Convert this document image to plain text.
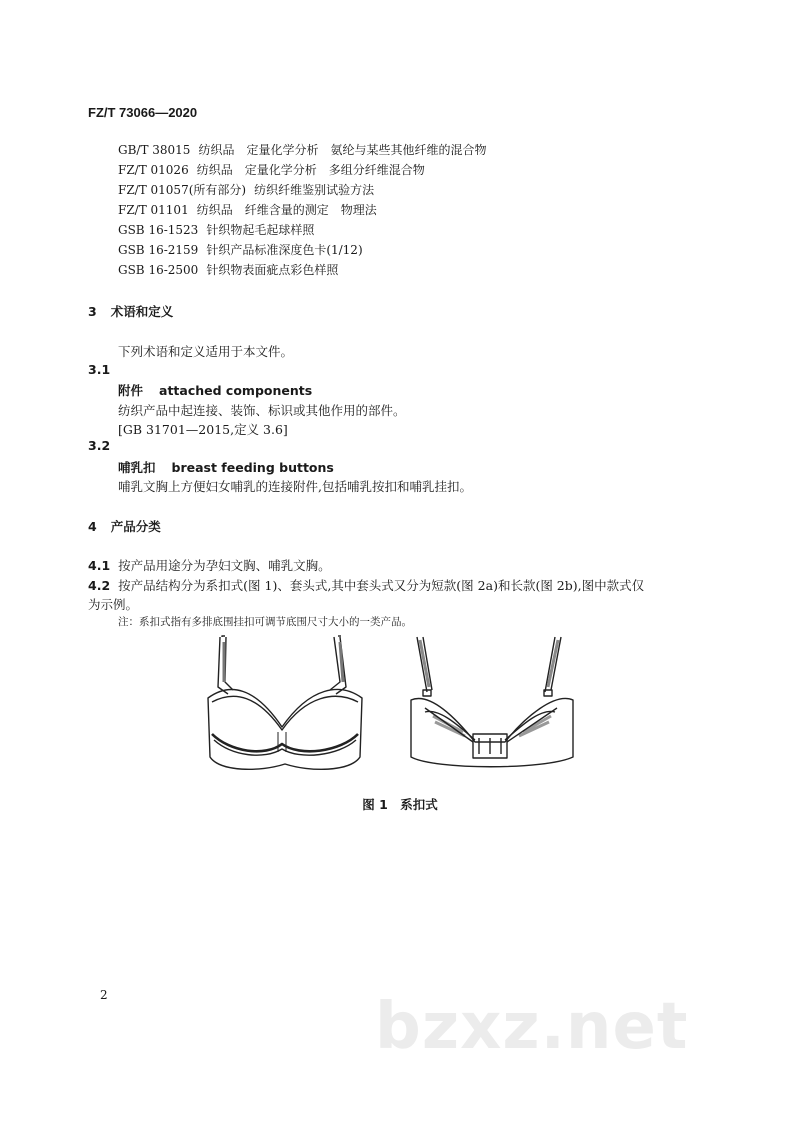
FZ/T 73066—2020
GB/T 38015 纺织品　定量化学分析　氨纶与某些其他纤维的混合物
FZ/T 01026 纺织品　定量化学分析　多组分纤维混合物
FZ/T 01057(所有部分) 纺织纤维鉴别试验方法
FZ/T 01101 纺织品　纤维含量的测定　物理法
GSB 16-1523 针织物起毛起球样照
GSB 16-2159 针织产品标准深度色卡(1/12)
GSB 16-2500 针织物表面疵点彩色样照
3 术语和定义
下列术语和定义适用于本文件。
3.1
附件 attached components
纺织产品中起连接、装饰、标识或其他作用的部件。
[GB 31701—2015,定义 3.6]
3.2
哺乳扣 breast feeding buttons
哺乳文胸上方便妇女哺乳的连接附件,包括哺乳按扣和哺乳挂扣。
4 产品分类
4.1 按产品用途分为孕妇文胸、哺乳文胸。
4.2 按产品结构分为系扣式(图 1)、套头式,其中套头式又分为短款(图 2a)和长款(图 2b),图中款式仅
为示例。
注：系扣式指有多排底围挂扣可调节底围尺寸大小的一类产品。
图 1　系扣式
2	bzxz.net
